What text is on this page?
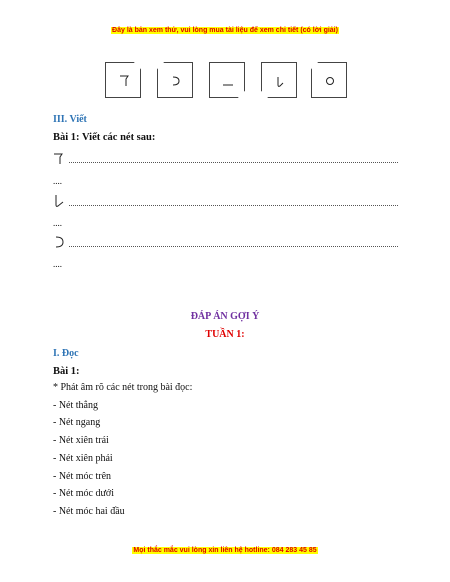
Đây là bản xem thử, vui lòng mua tài liệu để xem chi tiết (có lời giải)
III. Viết
Bài 1: Viết các nét sau:
....
....
....
ĐÁP ÁN GỢI Ý
TUẦN 1:
I. Đọc
Bài 1:
* Phát âm rõ các nét trong bài đọc:
- Nét thẳng
- Nét ngang
- Nét xiên trái
- Nét xiên phải
- Nét móc trên
- Nét móc dưới
- Nét móc hai đầu
Mọi thắc mắc vui lòng xin liên hệ hotline: 084 283 45 85
